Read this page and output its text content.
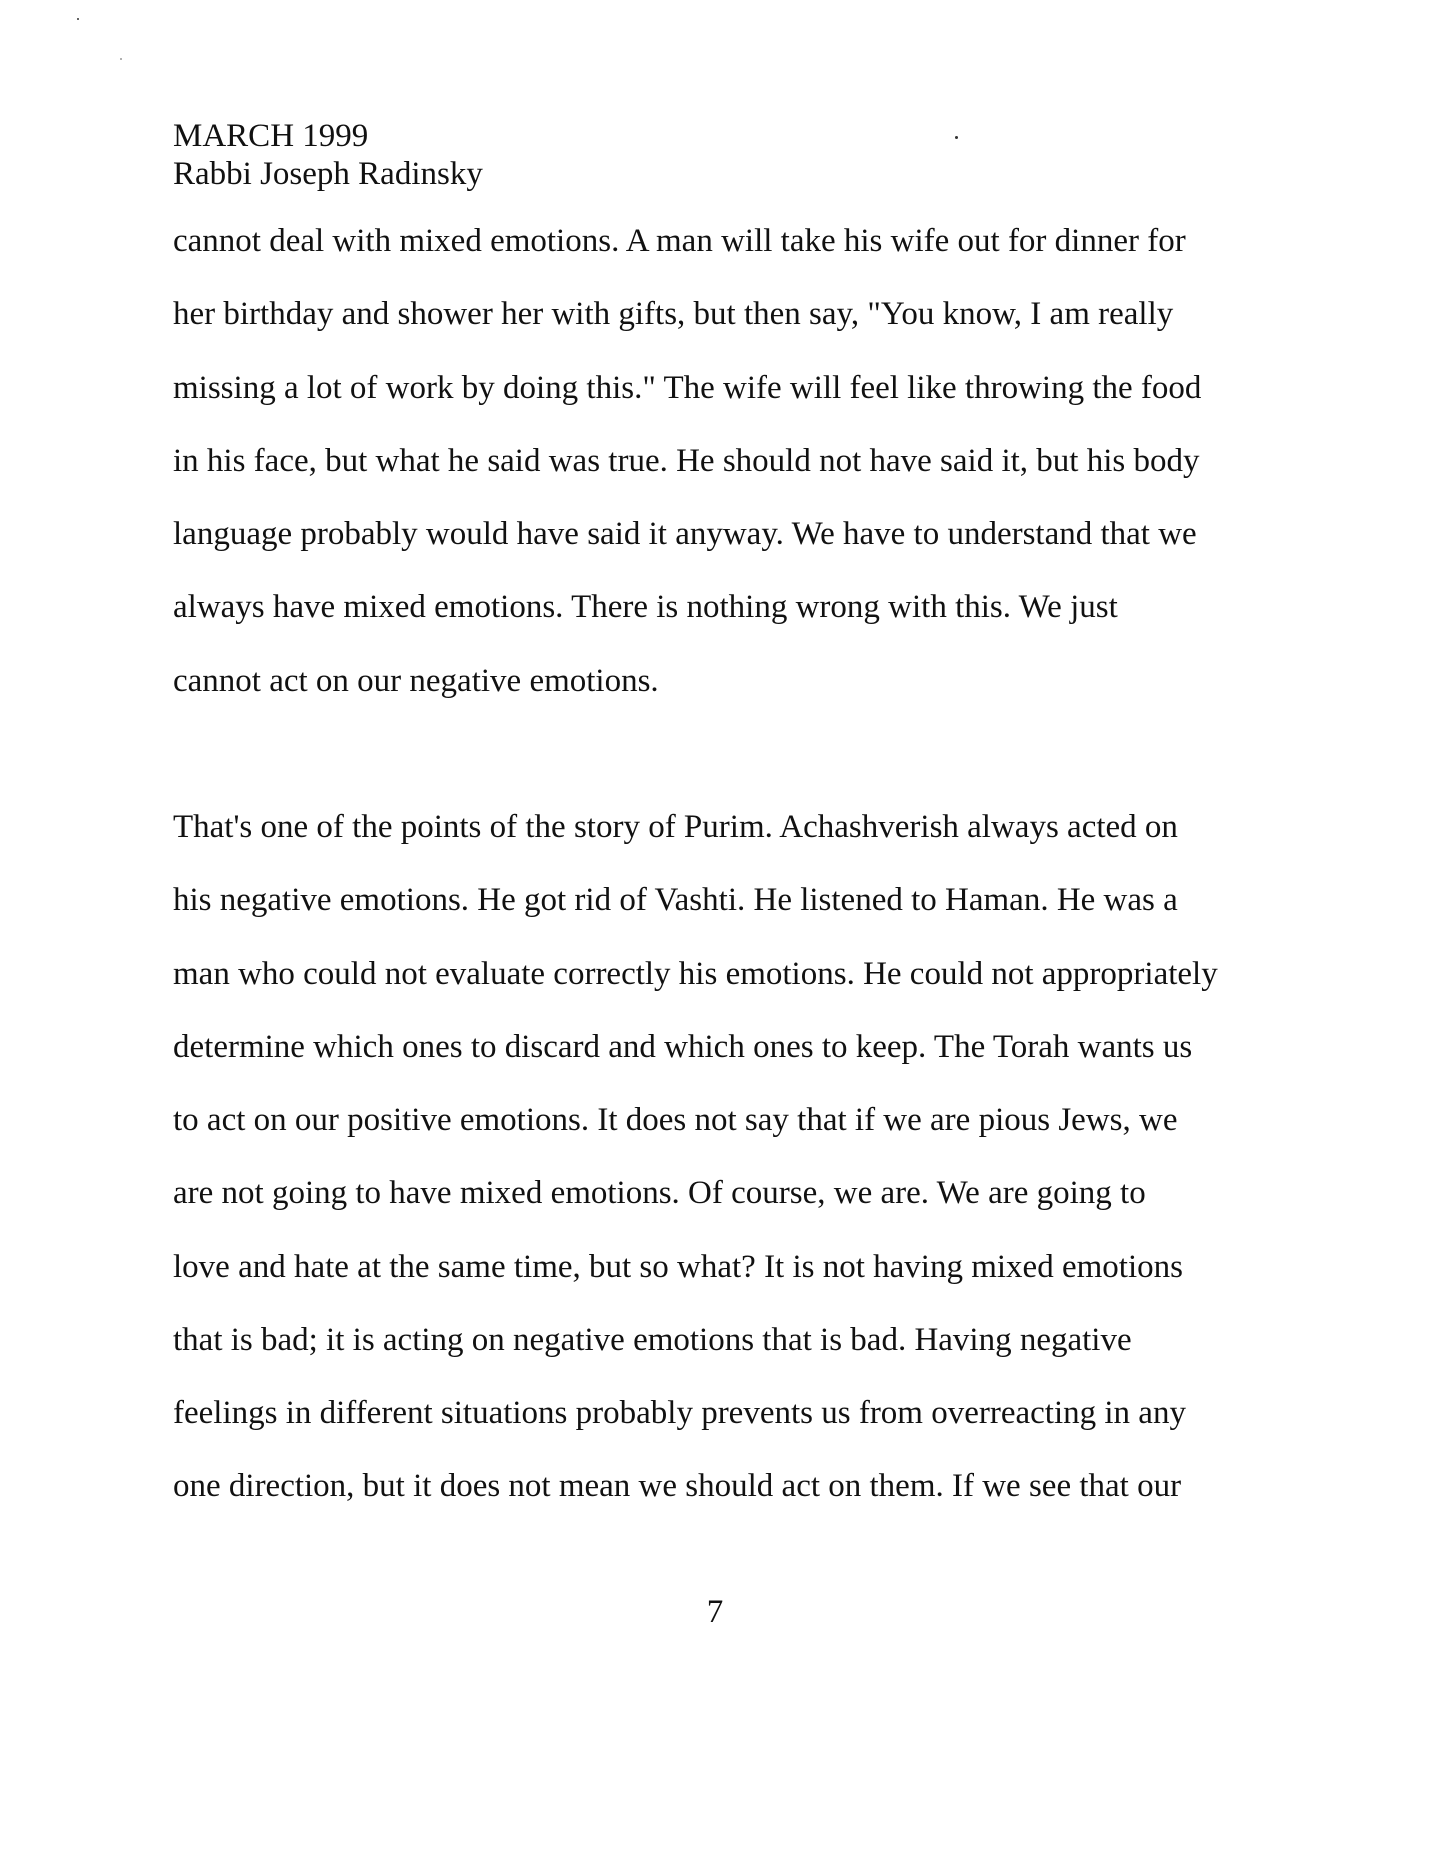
MARCH 1999
Rabbi Joseph Radinsky
cannot deal with mixed emotions. A man will take his wife out for dinner for
her birthday and shower her with gifts, but then say, "You know, I am really
missing a lot of work by doing this." The wife will feel like throwing the food
in his face, but what he said was true. He should not have said it, but his body
language probably would have said it anyway. We have to understand that we
always have mixed emotions. There is nothing wrong with this. We just
cannot act on our negative emotions.
That's one of the points of the story of Purim. Achashverish always acted on
his negative emotions. He got rid of Vashti. He listened to Haman. He was a
man who could not evaluate correctly his emotions. He could not appropriately
determine which ones to discard and which ones to keep. The Torah wants us
to act on our positive emotions. It does not say that if we are pious Jews, we
are not going to have mixed emotions. Of course, we are. We are going to
love and hate at the same time, but so what? It is not having mixed emotions
that is bad; it is acting on negative emotions that is bad. Having negative
feelings in different situations probably prevents us from overreacting in any
one direction, but it does not mean we should act on them. If we see that our
7
